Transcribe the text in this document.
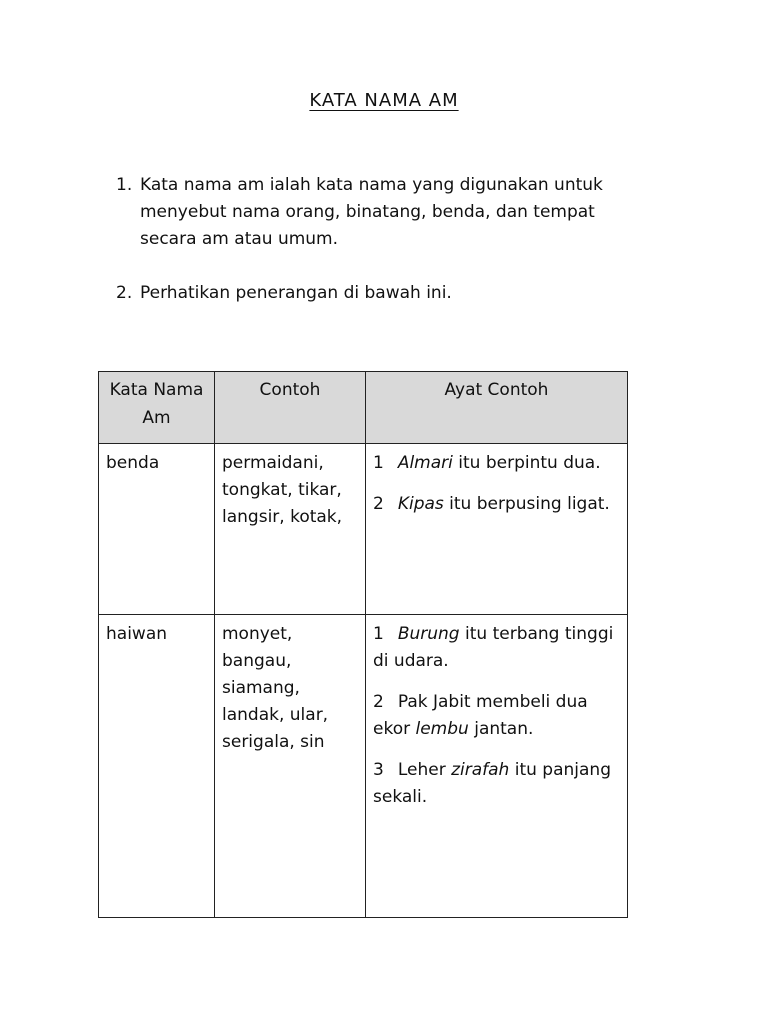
KATA NAMA AM
1. Kata nama am ialah kata nama yang digunakan untuk menyebut nama orang, binatang, benda, dan tempat secara am atau umum.
2. Perhatikan penerangan di bawah ini.
Kata Nama Am	Contoh	Ayat Contoh
benda	permaidani, tongkat, tikar, langsir, kotak,	1 Almari itu berpintu dua.

2 Kipas itu berpusing ligat.

haiwan	monyet, bangau, siamang, landak, ular, serigala, sin	1 Burung itu terbang tinggi di udara.

2 Pak Jabit membeli dua ekor lembu jantan.

3 Leher zirafah itu panjang sekali.
